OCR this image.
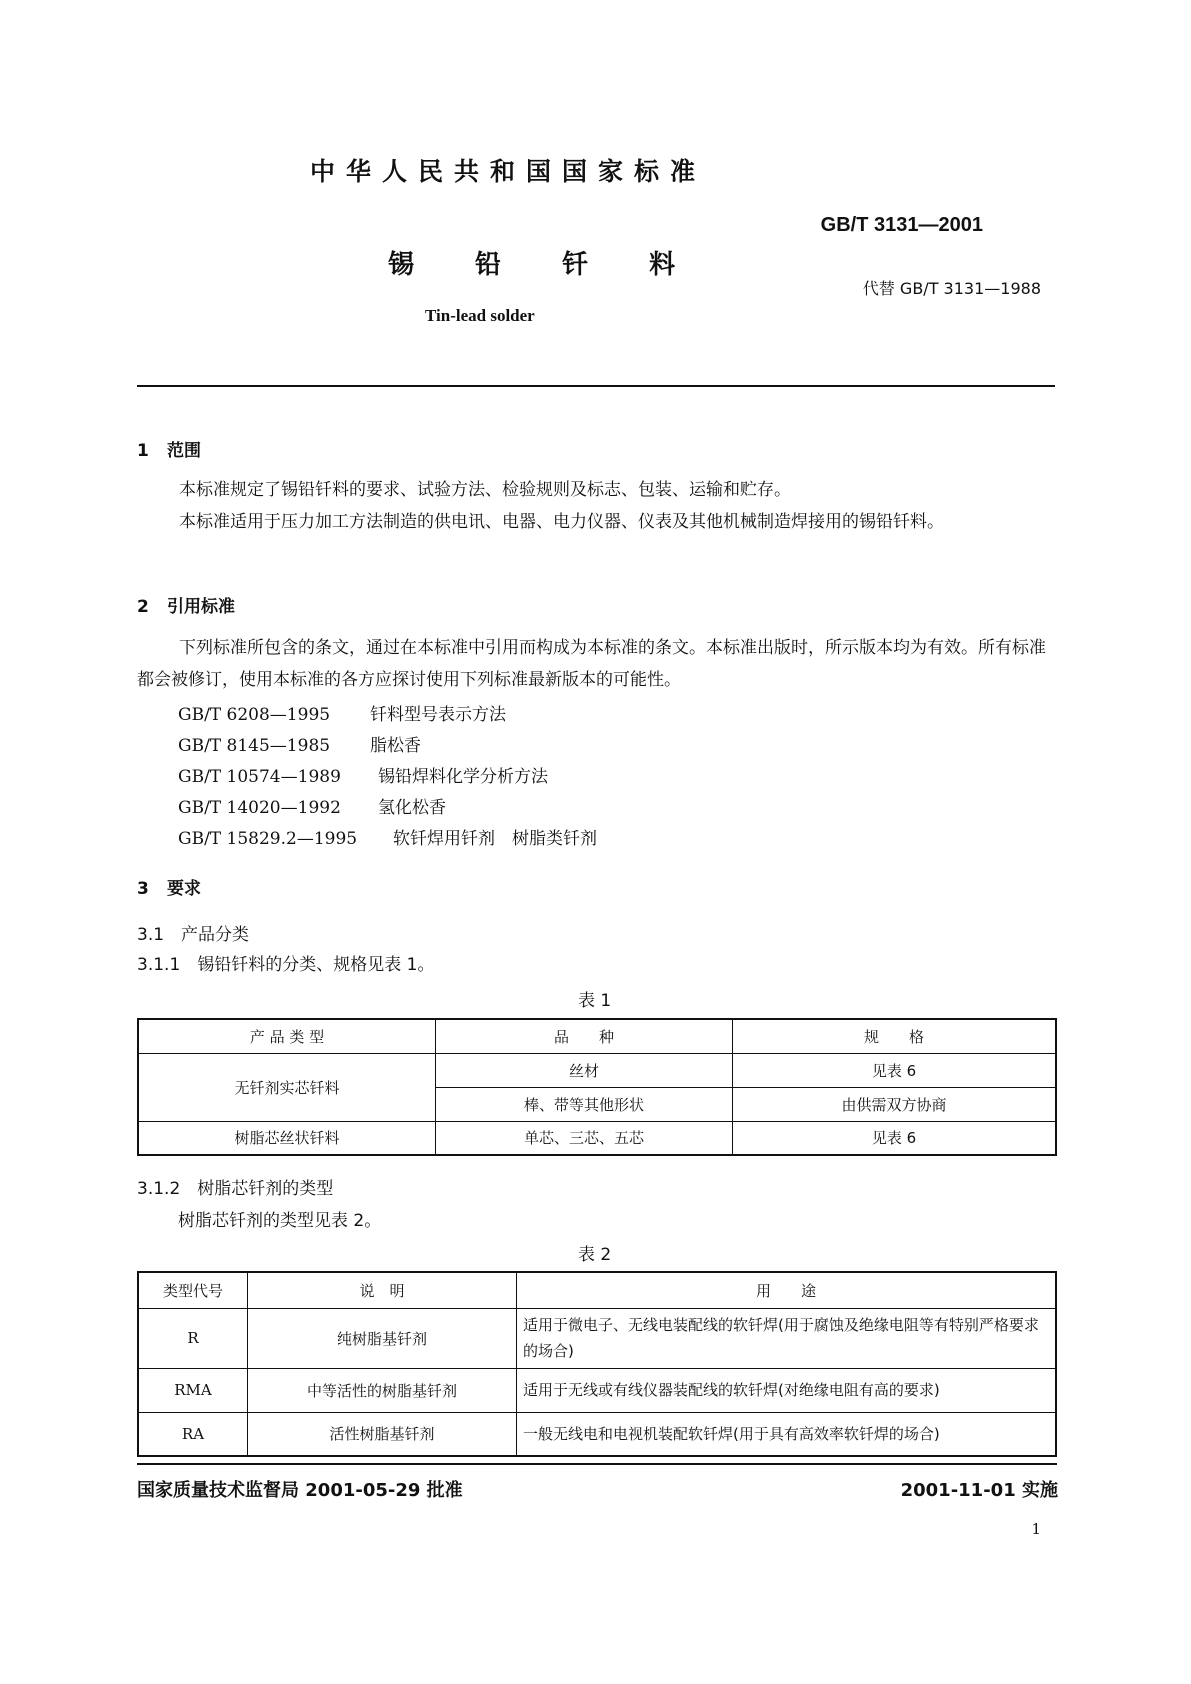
中华人民共和国国家标准
GB/T 3131—2001
锡 铅 钎 料
代替 GB/T 3131—1988
Tin-lead solder
1 范围

本标准规定了锡铅钎料的要求、试验方法、检验规则及标志、包装、运输和贮存。

本标准适用于压力加工方法制造的供电讯、电器、电力仪器、仪表及其他机械制造焊接用的锡铅钎料。

2 引用标准

下列标准所包含的条文，通过在本标准中引用而构成为本标准的条文。本标准出版时，所示版本均为有效。所有标准都会被修订，使用本标准的各方应探讨使用下列标准最新版本的可能性。

GB/T 6208—1995 钎料型号表示方法
GB/T 8145—1985 脂松香
GB/T 10574—1989 锡铅焊料化学分析方法
GB/T 14020—1992 氢化松香
GB/T 15829.2—1995 软钎焊用钎剂　树脂类钎剂
3 要求
3.1　产品分类
3.1.1　锡铅钎料的分类、规格见表 1。
表 1
产 品 类 型	品　　种	规　　格
无钎剂实芯钎料	丝材	见表 6
	棒、带等其他形状	由供需双方协商
树脂芯丝状钎料	单芯、三芯、五芯	见表 6
3.1.2　树脂芯钎剂的类型
树脂芯钎剂的类型见表 2。
表 2
类型代号	说　明	用　　途
R	纯树脂基钎剂	适用于微电子、无线电装配线的软钎焊(用于腐蚀及绝缘电阻等有特别严格要求的场合)
RMA	中等活性的树脂基钎剂	适用于无线或有线仪器装配线的软钎焊(对绝缘电阻有高的要求)
RA	活性树脂基钎剂	一般无线电和电视机装配软钎焊(用于具有高效率软钎焊的场合)
国家质量技术监督局 2001-05-29 批准	2001-11-01 实施
1
